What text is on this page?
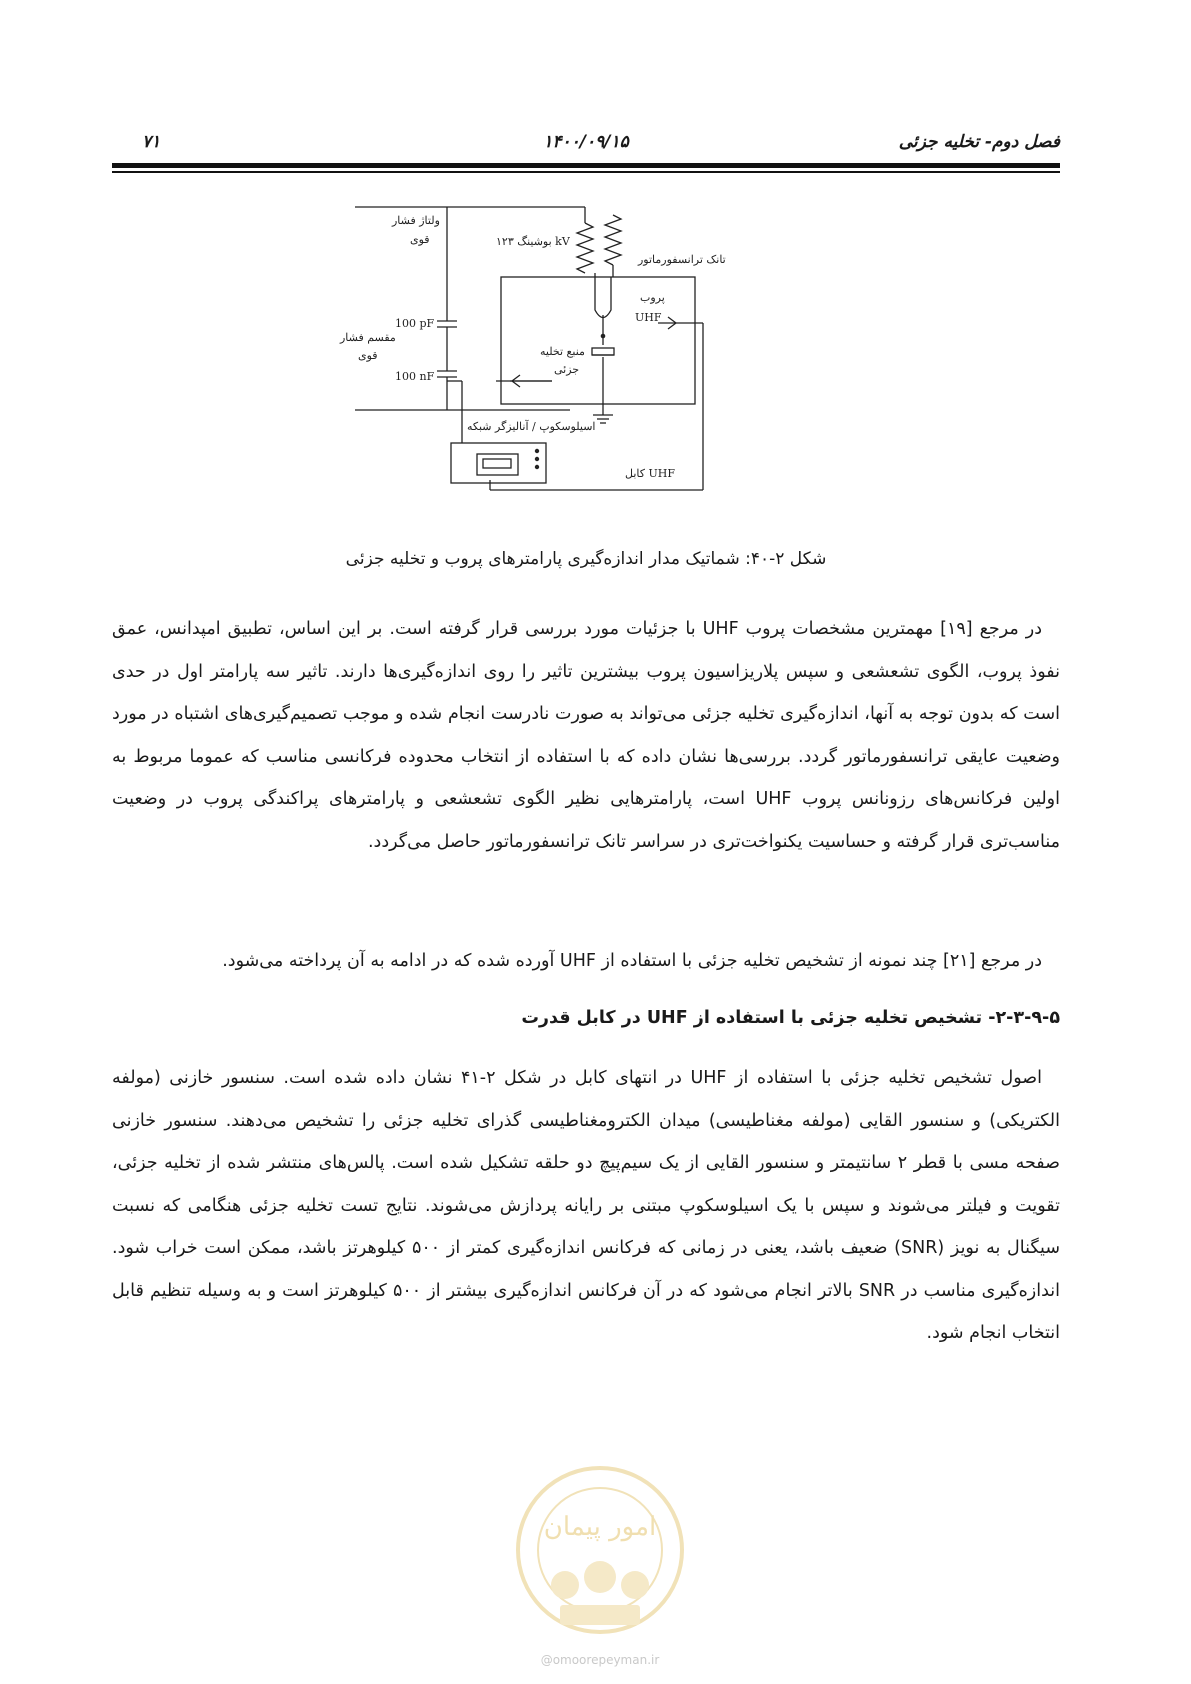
فصل دوم- تخلیه جزئی
۱۴۰۰/۰۹/۱۵
۷۱
ولتاژ فشار
قوی	بوشینگ ۱۲۳ kV
تانک ترانسفورماتور
پروب
UHF
100 pF
مقسم فشار
قوی
100 nF
منبع تخلیه
جزئی
اسیلوسکوپ / آنالیزگر شبکه
کابل UHF
شکل ۲-۴۰: شماتیک مدار اندازه‌گیری پارامترهای پروب و تخلیه جزئی

در مرجع [۱۹] مهمترین مشخصات پروب UHF با جزئیات مورد بررسی قرار گرفته است. بر این اساس، تطبیق امپدانس، عمق نفوذ پروب، الگوی تشعشعی و سپس پلاریزاسیون پروب بیشترین تاثیر را روی اندازه‌گیری‌ها دارند. تاثیر سه پارامتر اول در حدی است که بدون توجه به آنها، اندازه‌گیری تخلیه جزئی می‌تواند به صورت نادرست انجام شده و موجب تصمیم‌گیری‌های اشتباه در مورد وضعیت عایقی ترانسفورماتور گردد. بررسی‌ها نشان داده که با استفاده از انتخاب محدوده فرکانسی مناسب که عموما مربوط به اولین فرکانس‌های رزونانس پروب UHF است، پارامترهایی نظیر الگوی تشعشعی و پارامترهای پراکندگی پروب در وضعیت مناسب‌تری قرار گرفته و حساسیت یکنواخت‌تری در سراسر تانک ترانسفورماتور حاصل می‌گردد.

در مرجع [۲۱] چند نمونه از تشخیص تخلیه جزئی با استفاده از UHF آورده شده که در ادامه به آن پرداخته می‌شود.

۲-۳-۹-۵- تشخیص تخلیه جزئی با استفاده از UHF در کابل قدرت

اصول تشخیص تخلیه جزئی با استفاده از UHF در انتهای کابل در شکل ۲-۴۱ نشان داده شده است. سنسور خازنی (مولفه الکتریکی) و سنسور القایی (مولفه مغناطیسی) میدان الکترومغناطیسی گذرای تخلیه جزئی را تشخیص می‌دهند. سنسور خازنی صفحه مسی با قطر ۲ سانتیمتر و سنسور القایی از یک سیم‌پیچ دو حلقه تشکیل شده است. پالس‌های منتشر شده از تخلیه جزئی، تقویت و فیلتر می‌شوند و سپس با یک اسیلوسکوپ مبتنی بر رایانه پردازش می‌شوند. نتایج تست تخلیه جزئی هنگامی که نسبت سیگنال به نویز (SNR) ضعیف باشد، یعنی در زمانی که فرکانس اندازه‌گیری کمتر از ۵۰۰ کیلوهرتز باشد، ممکن است خراب شود. اندازه‌گیری مناسب در SNR بالاتر انجام می‌شود که در آن فرکانس اندازه‌گیری بیشتر از ۵۰۰ کیلوهرتز است و به وسیله تنظیم قابل انتخاب انجام شود.

امور پیمان
@omoorepeyman.ir
